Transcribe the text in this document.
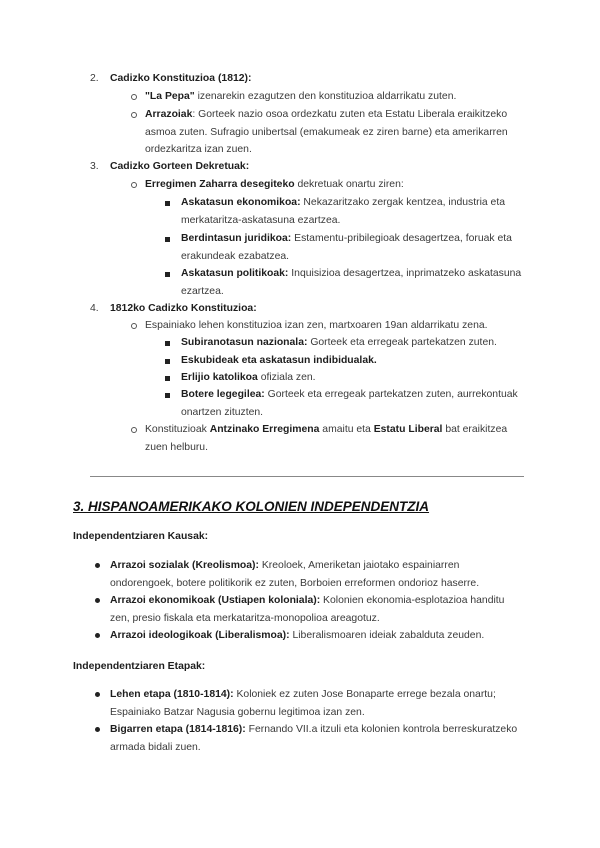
2. Cadizko Konstituzioa (1812):
"La Pepa" izenarekin ezagutzen den konstituzioa aldarrikatu zuten.
Arrazoiak: Gorteek nazio osoa ordezkatu zuten eta Estatu Liberala eraikitzeko asmoa zuten. Sufragio unibertsal (emakumeak ez ziren barne) eta amerikarren ordezkaritza izan zuen.
3. Cadizko Gorteen Dekretuak:
Erregimen Zaharra desegiteko dekretuak onartu ziren:
Askatasun ekonomikoa: Nekazaritzako zergak kentzea, industria eta merkataritza-askatasuna ezartzea.
Berdintasun juridikoa: Estamentu-pribilegioak desagertzea, foruak eta erakundeak ezabatzea.
Askatasun politikoak: Inquisizioa desagertzea, inprimatzeko askatasuna ezartzea.
4. 1812ko Cadizko Konstituzioa:
Espainiako lehen konstituzioa izan zen, martxoaren 19an aldarrikatu zena.
Subiranotasun nazionala: Gorteek eta erregeak partekatzen zuten.
Eskubideak eta askatasun indibidualak.
Erlijio katolikoa ofiziala zen.
Botere legegilea: Gorteek eta erregeak partekatzen zuten, aurrekontuak onartzen zituzten.
Konstituzioak Antzinako Erregimena amaitu eta Estatu Liberal bat eraikitzea zuen helburu.
3. HISPANOAMERIKAKO KOLONIEN INDEPENDENTZIA
Independentziaren Kausak:
Arrazoi sozialak (Kreolismoa): Kreoloek, Ameriketan jaiotako espainiarren ondorengoek, botere politikorik ez zuten, Borboien erreformen ondorioz haserre.
Arrazoi ekonomikoak (Ustiapen koloniala): Kolonien ekonomia-esplotazioa handitu zen, presio fiskala eta merkataritza-monopolioa areagotuz.
Arrazoi ideologikoak (Liberalismoa): Liberalismoaren ideiak zabalduta zeuden.
Independentziaren Etapak:
Lehen etapa (1810-1814): Koloniek ez zuten Jose Bonaparte errege bezala onartu; Espainiako Batzar Nagusia gobernu legitimoa izan zen.
Bigarren etapa (1814-1816): Fernando VII.a itzuli eta kolonien kontrola berreskuratzeko armada bidali zuen.
